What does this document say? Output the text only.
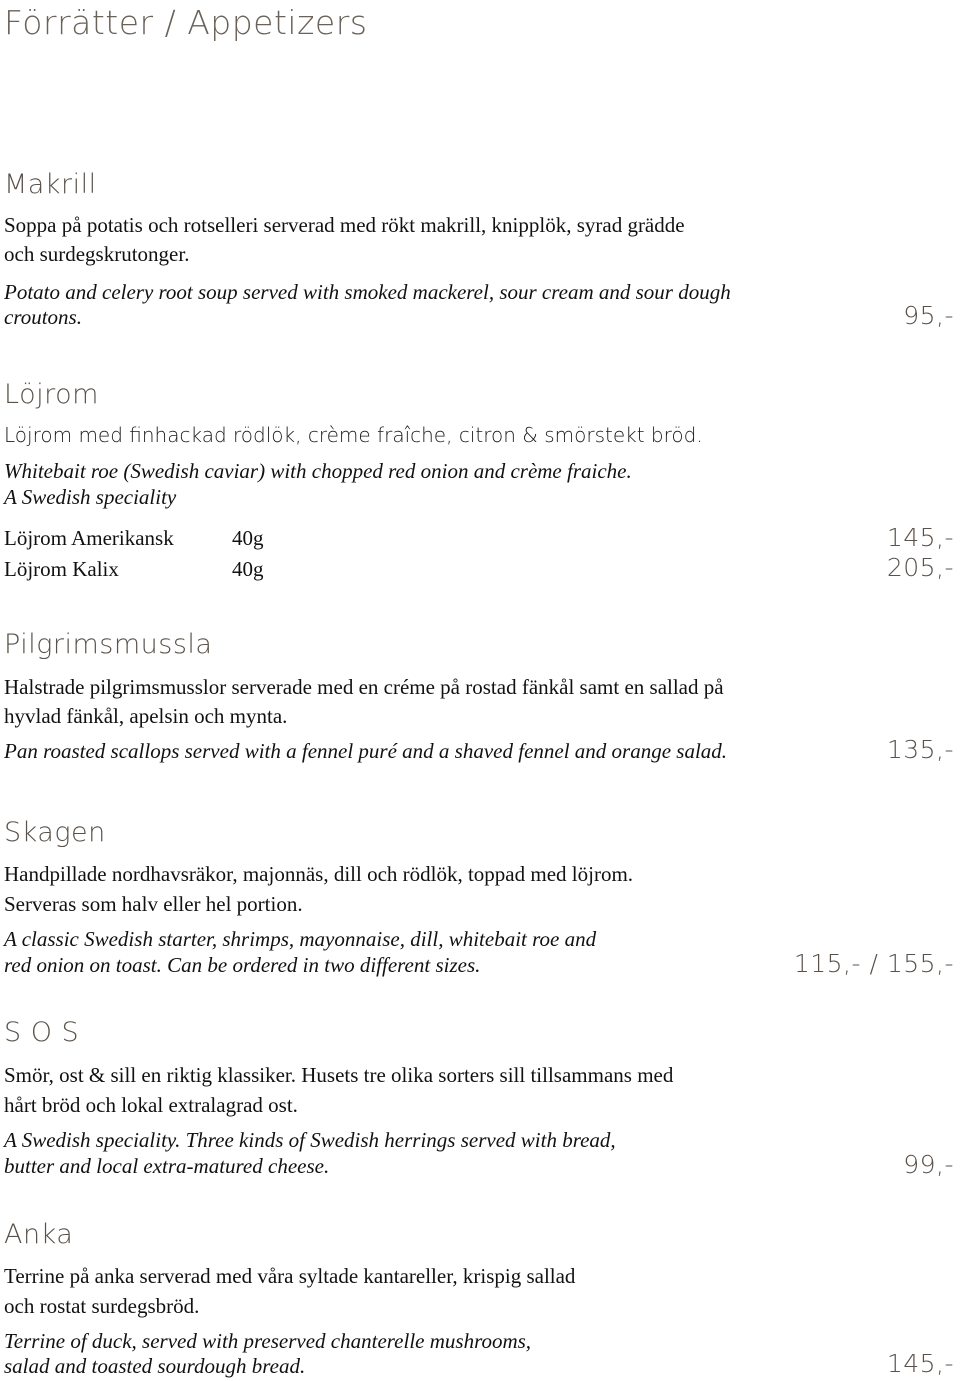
Förrätter / Appetizers
Makrill

Soppa på potatis och rotselleri serverad med rökt makrill, knipplök, syrad grädde

och surdegskrutonger.

Potato and celery root soup served with smoked mackerel, sour cream and sour dough

croutons.	95,-
Löjrom

Löjrom med finhackad rödlök, crème fraîche, citron & smörstekt bröd.

Whitebait roe (Swedish caviar) with chopped red onion and crème fraiche.

A Swedish speciality

Löjrom Amerikansk	40g	145,-
Löjrom Kalix	40g	205,-
Pilgrimsmussla

Halstrade pilgrimsmusslor serverade med en créme på rostad fänkål samt en sallad på

hyvlad fänkål, apelsin och mynta.

Pan roasted scallops served with a fennel puré and a shaved fennel and orange salad.	135,-
Skagen

Handpillade nordhavsräkor, majonnäs, dill och rödlök, toppad med löjrom.

Serveras som halv eller hel portion.

A classic Swedish starter, shrimps, mayonnaise, dill, whitebait roe and

red onion on toast. Can be ordered in two different sizes.	115,- / 155,-
S O S

Smör, ost & sill en riktig klassiker. Husets tre olika sorters sill tillsammans med

hårt bröd och lokal extralagrad ost.

A Swedish speciality. Three kinds of Swedish herrings served with bread,

butter and local extra-matured cheese.	99,-
Anka

Terrine på anka serverad med våra syltade kantareller, krispig sallad

och rostat surdegsbröd.

Terrine of duck, served with preserved chanterelle mushrooms,

salad and toasted sourdough bread.	145,-
